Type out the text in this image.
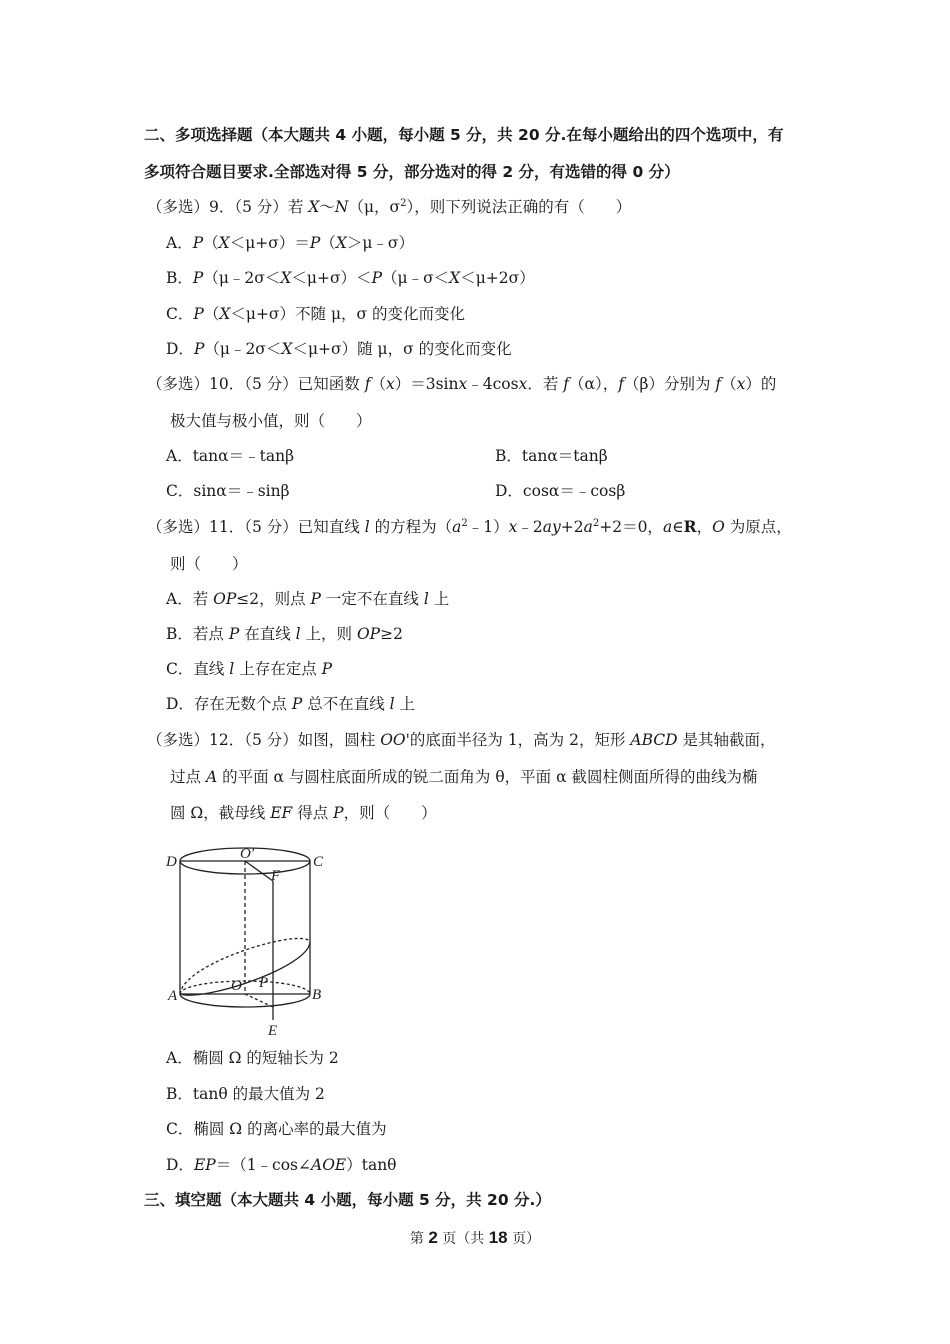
二、多项选择题（本大题共 4 小题，每小题 5 分，共 20 分.在每小题给出的四个选项中，有
多项符合题目要求.全部选对得 5 分，部分选对的得 2 分，有选错的得 0 分）
（多选）9．（5 分）若 X～N（μ，$\sigma^2$），则下列说法正确的有（　　）
A．P（X＜μ+σ）＝P（X＞μ﹣σ）
B．P（μ﹣2σ＜X＜μ+σ）＜P（μ﹣σ＜X＜μ+2σ）
C．P（X＜μ+σ）不随 μ，σ 的变化而变化
D．P（μ﹣2σ＜X＜μ+σ）随 μ，σ 的变化而变化
（多选）10．（5 分）已知函数 f（x）＝3sinx﹣4cosx．若 f（α），f（β）分别为 f（x）的
极大值与极小值，则（　　）
A．tanα＝﹣tanβ	B．tanα＝tanβ
C．sinα＝﹣sinβ	D．cosα＝﹣cosβ
（多选）11．（5 分）已知直线 l 的方程为$(a^2﹣1)x﹣2ay+2a^2+2=0$，a∈R，O 为原点，
则（　　）
A．若 OP≤2，则点 P 一定不在直线 l 上
B．若点 P 在直线 l 上，则 OP≥2
C．直线 l 上存在定点 P
D．存在无数个点 P 总不在直线 l 上
（多选）12．（5 分）如图，圆柱 OO'的底面半径为 1，高为 2，矩形 ABCD 是其轴截面，
过点 A 的平面 α 与圆柱底面所成的锐二面角为 θ，平面 α 截圆柱侧面所得的曲线为椭
圆 Ω，截母线 EF 得点 P，则（　　）
D	O′	C
F
A
O P
B
E
A．椭圆 Ω 的短轴长为 2
B．tanθ 的最大值为 2
C．椭圆 Ω 的离心率的最大值为
D．EP＝（1﹣cos∠AOE）tanθ
三、填空题（本大题共 4 小题，每小题 5 分，共 20 分.）
第 2 页（共 18 页）
